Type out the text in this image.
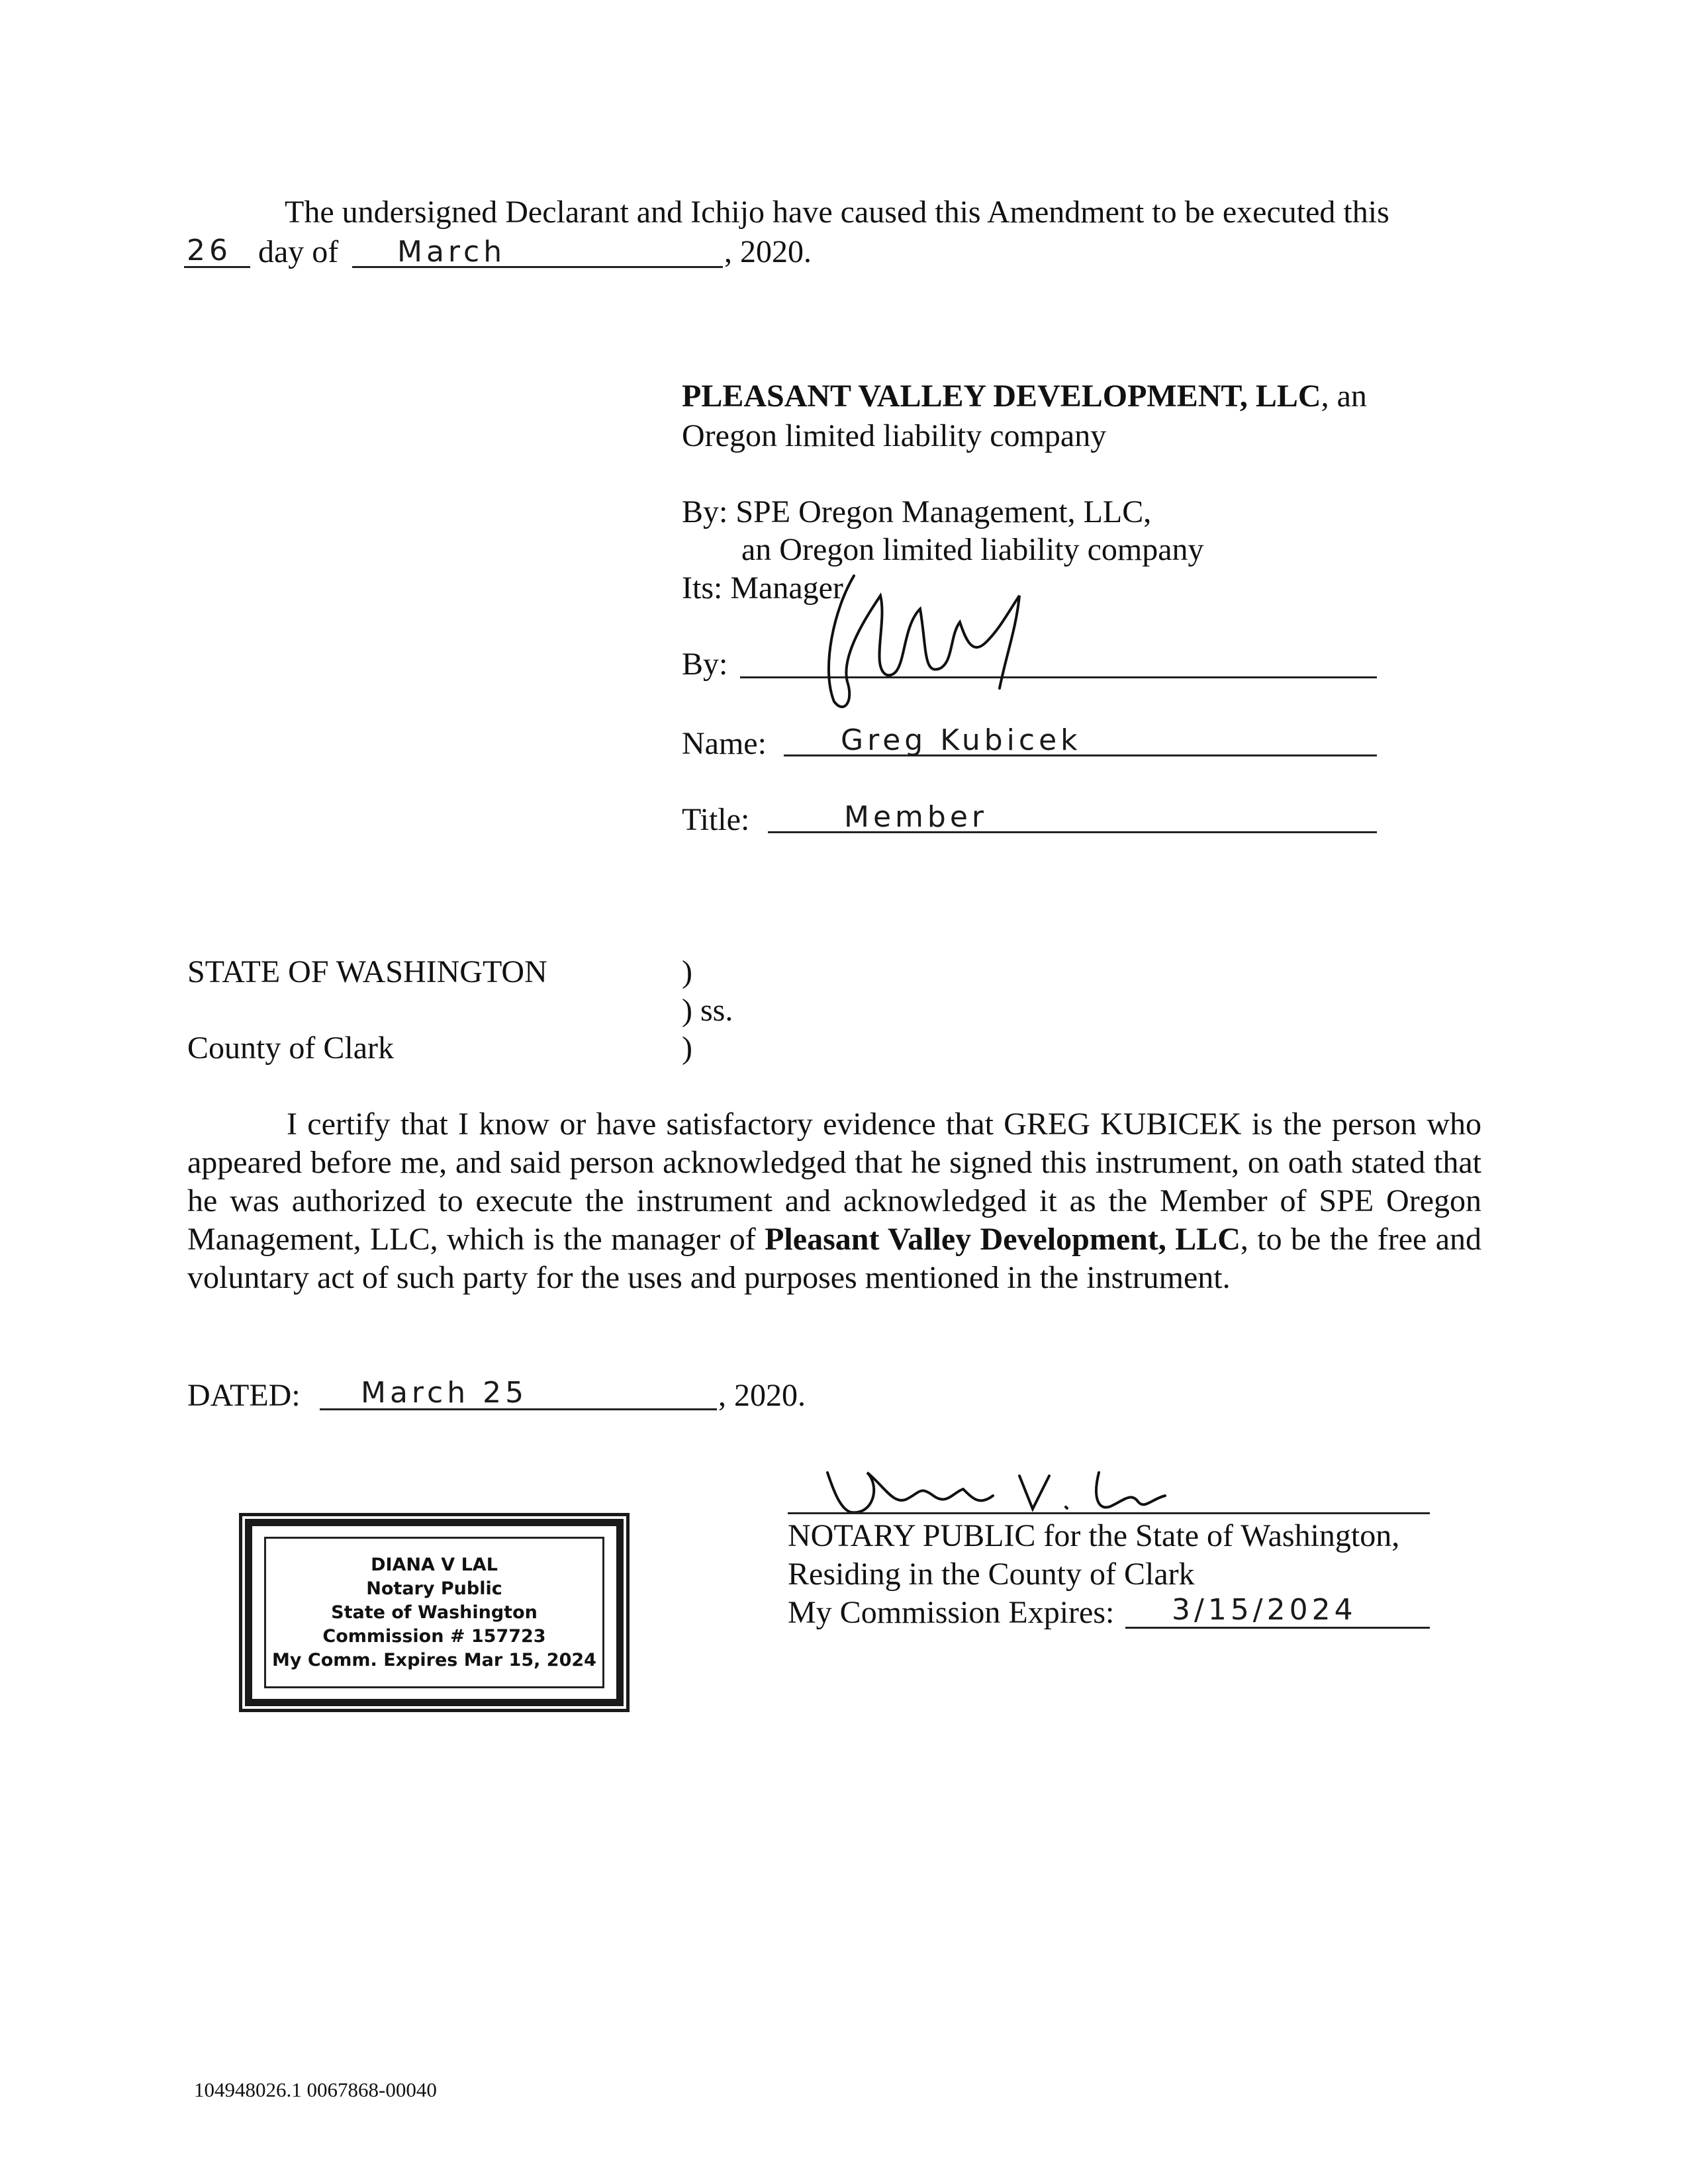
The undersigned Declarant and Ichijo have caused this Amendment to be executed this
26 day of March	, 2020.
PLEASANT VALLEY DEVELOPMENT, LLC, an
Oregon limited liability company
By: SPE Oregon Management, LLC,
an Oregon limited liability company
Its: Manager
By:
Name:	Greg Kubicek
Title:	Member
STATE OF WASHINGTON	)
) ss.
County of Clark	)
I certify that I know or have satisfactory evidence that GREG KUBICEK is the person who appeared before me, and said person acknowledged that he signed this instrument, on oath stated that he was authorized to execute the instrument and acknowledged it as the Member of SPE Oregon Management, LLC, which is the manager of Pleasant Valley Development, LLC, to be the free and voluntary act of such party for the uses and purposes mentioned in the instrument.
DATED: March 25	, 2020.
DIANA V LAL
Notary Public
State of Washington
Commission # 157723
My Comm. Expires Mar 15, 2024
NOTARY PUBLIC for the State of Washington,
Residing in the County of Clark
My Commission Expires: 3/15/2024
104948026.1 0067868-00040
